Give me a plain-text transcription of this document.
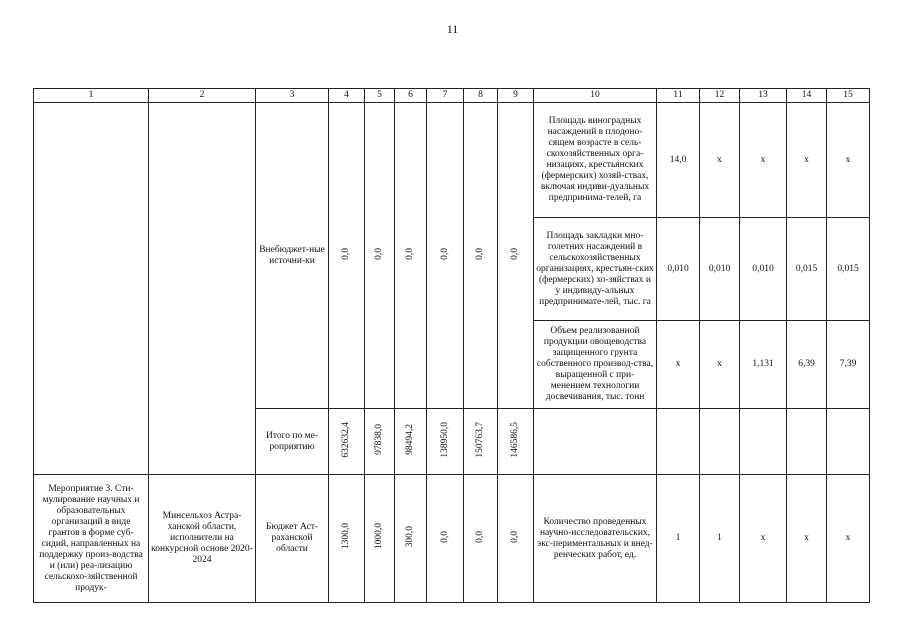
11
1	2	3	4	5	6	7	8	9	10	11	12	13	14	15
		Внебюджет-ные источни-ки	0,0	0,0	0,0	0,0	0,0	0,0	Площадь виноградных насаждений в плодоно-сящем возрасте в сель-скохозяйственных орга-низациях, крестьянских (фермерских) хозяй-ствах, включая индиви-дуальных предпринима-телей, га	14,0	x	x	x	x
									Площадь закладки мно-голетних насаждений в сельскохозяйственных организациях, крестьян-ских (фермерских) хо-зяйствах и у индивиду-альных предпринимате-лей, тыс. га	0,010	0,010	0,010	0,015	0,015
									Объем реализованной продукции овощеводства защищенного грунта собственного производ-ства, выращенной с при-менением технологии досвечивания, тыс. тонн	x	x	1,131	6,39	7,39
		Итого по ме-роприятию	632632,4	97838,0	98494,2	138950,0	150763,7	146586,5						
Мероприятие 3. Сти-мулирование научных и образовательных организаций в виде грантов в форме суб-сидий, направленных на поддержку произ-водства и (или) реа-лизацию сельскохо-зяйственной продук-	Минсельхоз Астра-ханской области, исполнители на конкурсной основе 2020-2024	Бюджет Аст-раханской области	1300,0	1000,0	300,0	0,0	0,0	0,0	Количество проведенных научно-исследовательских, экс-периментальных и внед-ренческих работ, ед.	1	1	x	x	x
